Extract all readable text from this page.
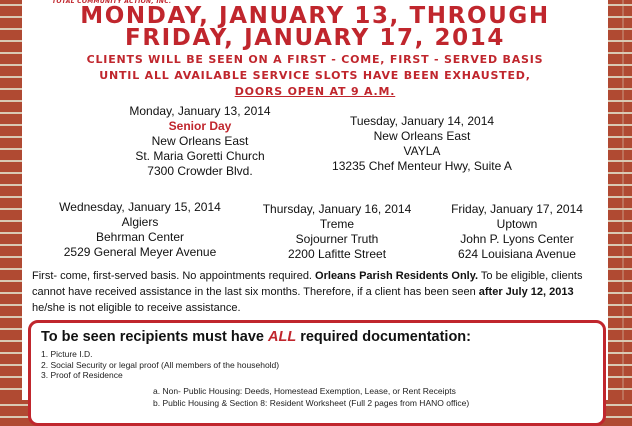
TOTAL COMMUNITY ACTION, INC.
MONDAY, JANUARY 13, THROUGH
FRIDAY, JANUARY 17, 2014
CLIENTS WILL BE SEEN ON A FIRST - COME, FIRST - SERVED BASIS
UNTIL ALL AVAILABLE SERVICE SLOTS HAVE BEEN EXHAUSTED,
DOORS OPEN AT 9 A.M.
Monday, January 13, 2014
Senior Day
New Orleans East
St. Maria Goretti Church
7300 Crowder Blvd.
Tuesday, January 14, 2014
New Orleans East
VAYLA
13235 Chef Menteur Hwy, Suite A
Wednesday, January 15, 2014
Algiers
Behrman Center
2529 General Meyer Avenue
Thursday, January 16, 2014
Treme
Sojourner Truth
2200 Lafitte Street
Friday, January 17, 2014
Uptown
John P. Lyons Center
624 Louisiana Avenue
First- come, first-served basis. No appointments required. Orleans Parish Residents Only. To be eligible, clients cannot have received assistance in the last six months. Therefore, if a client has been seen after July 12, 2013 he/she is not eligible to receive assistance.
To be seen recipients must have ALL required documentation:
1. Picture I.D.
2. Social Security or legal proof (All members of the household)
3. Proof of Residence
a. Non- Public Housing: Deeds, Homestead Exemption, Lease, or Rent Receipts
b. Public Housing & Section 8: Resident Worksheet (Full 2 pages from HANO office)
